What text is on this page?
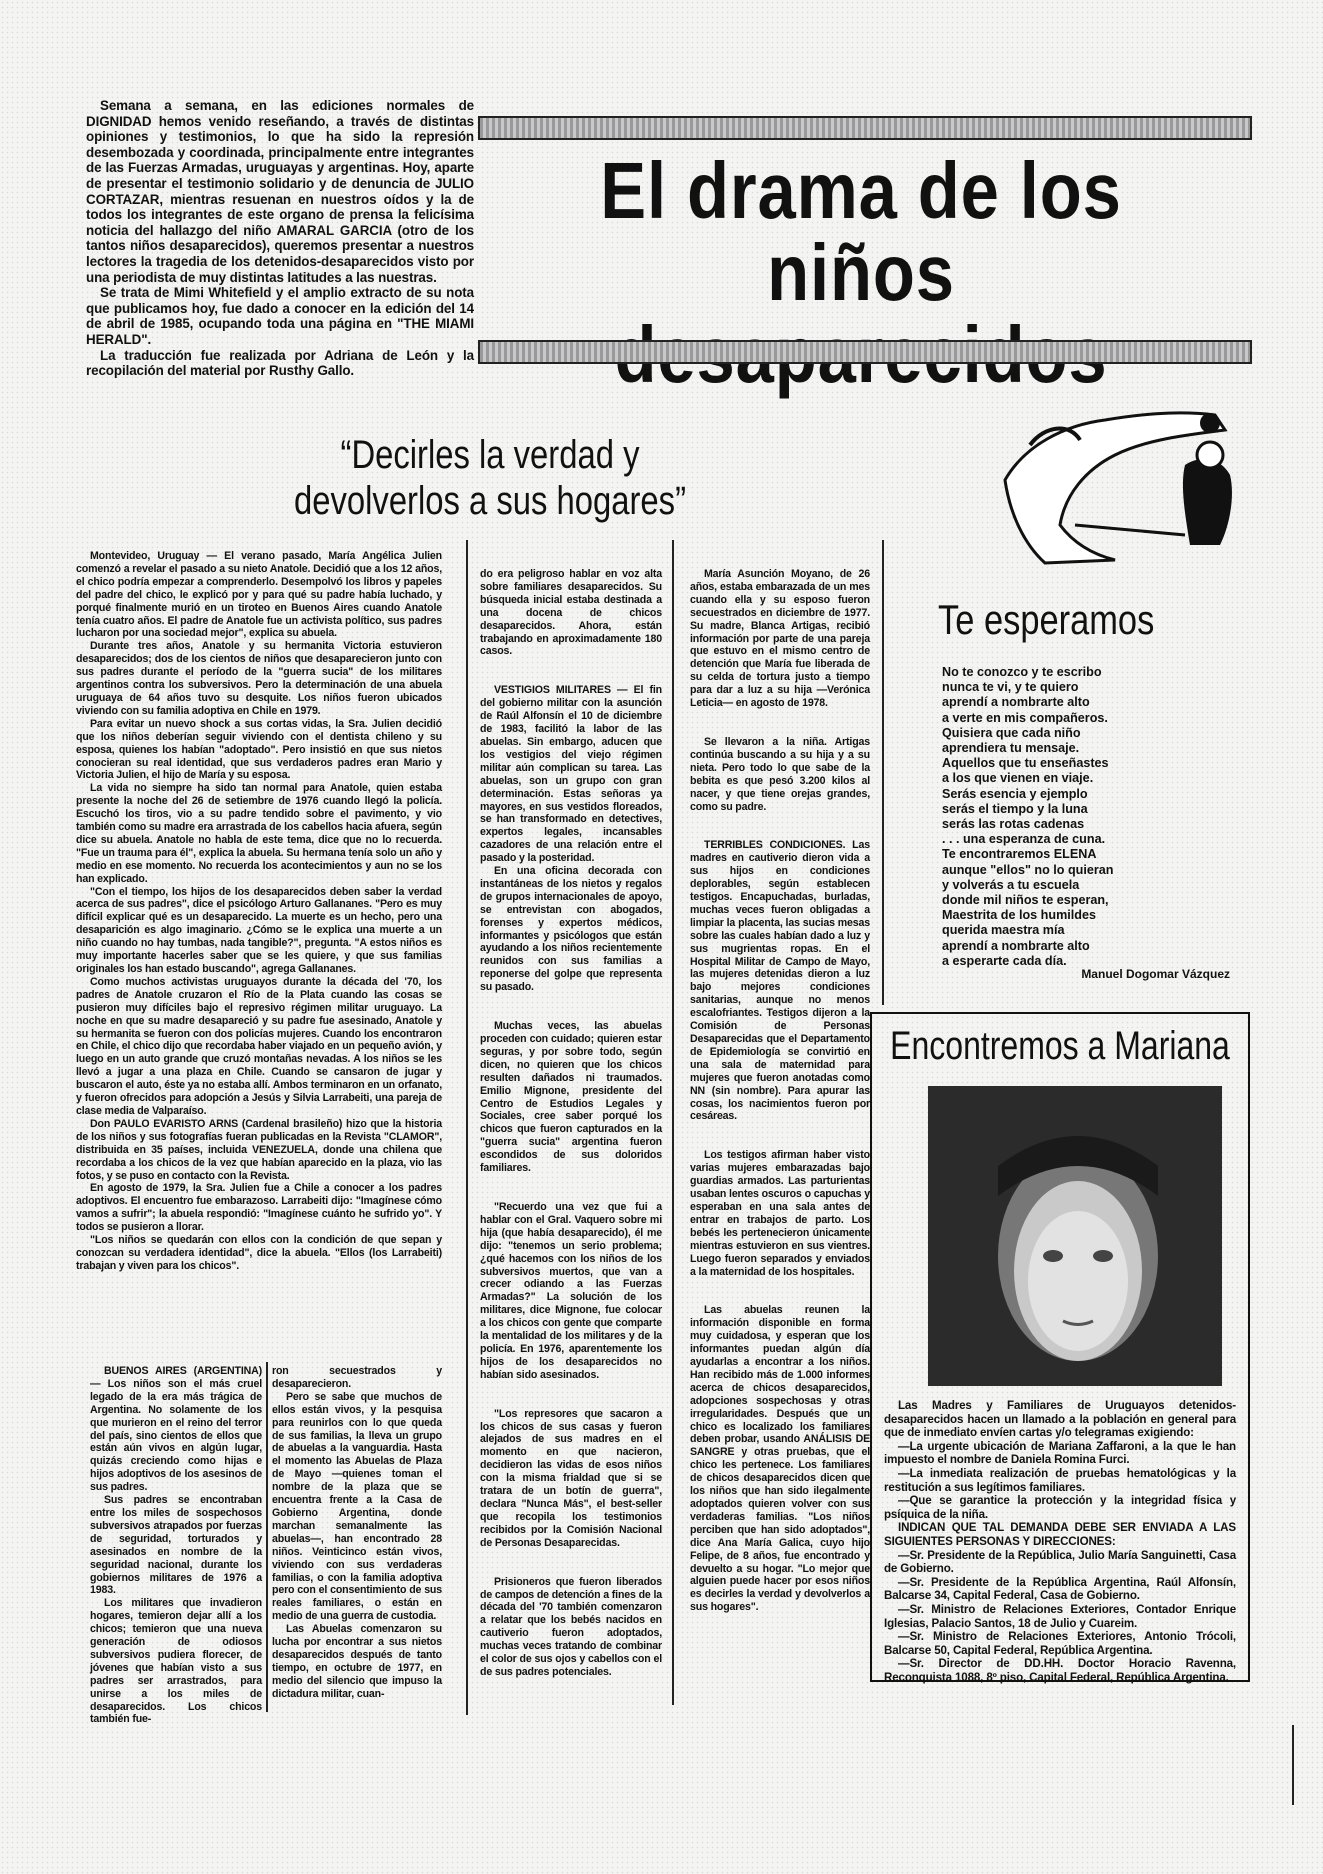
Semana a semana, en las ediciones normales de DIGNIDAD hemos venido reseñando, a través de distintas opiniones y testimonios, lo que ha sido la represión desembozada y coordinada, principalmente entre integrantes de las Fuerzas Armadas, uruguayas y argentinas. Hoy, aparte de presentar el testimonio solidario y de denuncia de JULIO CORTAZAR, mientras resuenan en nuestros oídos y la de todos los integrantes de este organo de prensa la felicísima noticia del hallazgo del niño AMARAL GARCIA (otro de los tantos niños desaparecidos), queremos presentar a nuestros lectores la tragedia de los detenidos-desaparecidos visto por una periodista de muy distintas latitudes a las nuestras.

Se trata de Mimi Whitefield y el amplio extracto de su nota que publicamos hoy, fue dado a conocer en la edición del 14 de abril de 1985, ocupando toda una página en "THE MIAMI HERALD".

La traducción fue realizada por Adriana de León y la recopilación del material por Rusthy Gallo.

El drama de los niños
“Decirles la verdad y
devolverlos a sus hogares”

Montevideo, Uruguay — El verano pasado, María Angélica Julien comenzó a revelar el pasado a su nieto Anatole. Decidió que a los 12 años, el chico podría empezar a comprenderlo. Desempolvó los libros y papeles del padre del chico, le explicó por y para qué su padre había luchado, y porqué finalmente murió en un tiroteo en Buenos Aires cuando Anatole tenía cuatro años. El padre de Anatole fue un activista político, sus padres lucharon por una sociedad mejor", explica su abuela.

Durante tres años, Anatole y su hermanita Victoria estuvieron desaparecidos; dos de los cientos de niños que desaparecieron junto con sus padres durante el período de la "guerra sucia" de los militares argentinos contra los subversivos. Pero la determinación de una abuela uruguaya de 64 años tuvo su desquite. Los niños fueron ubicados viviendo con su familia adoptiva en Chile en 1979.

Para evitar un nuevo shock a sus cortas vidas, la Sra. Julien decidió que los niños deberían seguir viviendo con el dentista chileno y su esposa, quienes los habían "adoptado". Pero insistió en que sus nietos conocieran su real identidad, que sus verdaderos padres eran Mario y Victoria Julien, el hijo de María y su esposa.

La vida no siempre ha sido tan normal para Anatole, quien estaba presente la noche del 26 de setiembre de 1976 cuando llegó la policía. Escuchó los tiros, vio a su padre tendido sobre el pavimento, y vio también como su madre era arrastrada de los cabellos hacia afuera, según dice su abuela. Anatole no habla de este tema, dice que no lo recuerda. "Fue un trauma para él", explica la abuela. Su hermana tenía solo un año y medio en ese momento. No recuerda los acontecimientos y aun no se los han explicado.

"Con el tiempo, los hijos de los desaparecidos deben saber la verdad acerca de sus padres", dice el psicólogo Arturo Gallananes. "Pero es muy difícil explicar qué es un desaparecido. La muerte es un hecho, pero una desaparición es algo imaginario. ¿Cómo se le explica una muerte a un niño cuando no hay tumbas, nada tangible?", pregunta. "A estos niños es muy importante hacerles saber que se les quiere, y que sus familias originales los han estado buscando", agrega Gallananes.

Como muchos activistas uruguayos durante la década del '70, los padres de Anatole cruzaron el Río de la Plata cuando las cosas se pusieron muy difíciles bajo el represivo régimen militar uruguayo. La noche en que su madre desapareció y su padre fue asesinado, Anatole y su hermanita se fueron con dos policías mujeres. Cuando los encontraron en Chile, el chico dijo que recordaba haber viajado en un pequeño avión, y luego en un auto grande que cruzó montañas nevadas. A los niños se les llevó a jugar a una plaza en Chile. Cuando se cansaron de jugar y buscaron el auto, éste ya no estaba allí. Ambos terminaron en un orfanato, y fueron ofrecidos para adopción a Jesús y Silvia Larrabeiti, una pareja de clase media de Valparaíso.

Don PAULO EVARISTO ARNS (Cardenal brasileño) hizo que la historia de los niños y sus fotografías fueran publicadas en la Revista "CLAMOR", distribuida en 35 países, incluida VENEZUELA, donde una chilena que recordaba a los chicos de la vez que habían aparecido en la plaza, vio las fotos, y se puso en contacto con la Revista.

En agosto de 1979, la Sra. Julien fue a Chile a conocer a los padres adoptivos. El encuentro fue embarazoso. Larrabeiti dijo: "Imagínese cómo vamos a sufrir"; la abuela respondió: "Imagínese cuánto he sufrido yo". Y todos se pusieron a llorar.

"Los niños se quedarán con ellos con la condición de que sepan y conozcan su verdadera identidad", dice la abuela. "Ellos (los Larrabeiti) trabajan y viven para los chicos".

BUENOS AIRES (ARGENTINA) — Los niños son el más cruel legado de la era más trágica de Argentina. No solamente de los que murieron en el reino del terror del país, sino cientos de ellos que están aún vivos en algún lugar, quizás creciendo como hijas e hijos adoptivos de los asesinos de sus padres.

Sus padres se encontraban entre los miles de sospechosos subversivos atrapados por fuerzas de seguridad, torturados y asesinados en nombre de la seguridad nacional, durante los gobiernos militares de 1976 a 1983.

Los militares que invadieron hogares, temieron dejar allí a los chicos; temieron que una nueva generación de odiosos subversivos pudiera florecer, de jóvenes que habían visto a sus padres ser arrastrados, para unirse a los miles de desaparecidos. Los chicos también fue-

ron secuestrados y desaparecieron.

Pero se sabe que muchos de ellos están vivos, y la pesquisa para reunirlos con lo que queda de sus familias, la lleva un grupo de abuelas a la vanguardia. Hasta el momento las Abuelas de Plaza de Mayo —quienes toman el nombre de la plaza que se encuentra frente a la Casa de Gobierno Argentina, donde marchan semanalmente las abuelas—, han encontrado 28 niños. Veinticinco están vivos, viviendo con sus verdaderas familias, o con la familia adoptiva pero con el consentimiento de sus reales familiares, o están en medio de una guerra de custodia.

Las Abuelas comenzaron su lucha por encontrar a sus nietos desaparecidos después de tanto tiempo, en octubre de 1977, en medio del silencio que impuso la dictadura militar, cuan-

do era peligroso hablar en voz alta sobre familiares desaparecidos. Su búsqueda inicial estaba destinada a una docena de chicos desaparecidos. Ahora, están trabajando en aproximadamente 180 casos.

VESTIGIOS MILITARES — El fin del gobierno militar con la asunción de Raúl Alfonsín el 10 de diciembre de 1983, facilitó la labor de las abuelas. Sin embargo, aducen que los vestigios del viejo régimen militar aún complican su tarea. Las abuelas, son un grupo con gran determinación. Estas señoras ya mayores, en sus vestidos floreados, se han transformado en detectives, expertos legales, incansables cazadores de una relación entre el pasado y la posteridad.

En una oficina decorada con instantáneas de los nietos y regalos de grupos internacionales de apoyo, se entrevistan con abogados, forenses y expertos médicos, informantes y psicólogos que están ayudando a los niños recientemente reunidos con sus familias a reponerse del golpe que representa su pasado.

Muchas veces, las abuelas proceden con cuidado; quieren estar seguras, y por sobre todo, según dicen, no quieren que los chicos resulten dañados ni traumados. Emilio Mignone, presidente del Centro de Estudios Legales y Sociales, cree saber porqué los chicos que fueron capturados en la "guerra sucia" argentina fueron escondidos de sus doloridos familiares.

"Recuerdo una vez que fui a hablar con el Gral. Vaquero sobre mi hija (que había desaparecido), él me dijo: "tenemos un serio problema; ¿qué hacemos con los niños de los subversivos muertos, que van a crecer odiando a las Fuerzas Armadas?" La solución de los militares, dice Mignone, fue colocar a los chicos con gente que comparte la mentalidad de los militares y de la policía. En 1976, aparentemente los hijos de los desaparecidos no habían sido asesinados.

"Los represores que sacaron a los chicos de sus casas y fueron alejados de sus madres en el momento en que nacieron, decidieron las vidas de esos niños con la misma frialdad que si se tratara de un botín de guerra", declara "Nunca Más", el best-seller que recopila los testimonios recibidos por la Comisión Nacional de Personas Desaparecidas.

Prisioneros que fueron liberados de campos de detención a fines de la década del '70 también comenzaron a relatar que los bebés nacidos en cautiverio fueron adoptados, muchas veces tratando de combinar el color de sus ojos y cabellos con el de sus padres potenciales.

María Asunción Moyano, de 26 años, estaba embarazada de un mes cuando ella y su esposo fueron secuestrados en diciembre de 1977. Su madre, Blanca Artigas, recibió información por parte de una pareja que estuvo en el mismo centro de detención que María fue liberada de su celda de tortura justo a tiempo para dar a luz a su hija —Verónica Leticia— en agosto de 1978.

Se llevaron a la niña. Artigas continúa buscando a su hija y a su nieta. Pero todo lo que sabe de la bebita es que pesó 3.200 kilos al nacer, y que tiene orejas grandes, como su padre.

TERRIBLES CONDICIONES. Las madres en cautiverio dieron vida a sus hijos en condiciones deplorables, según establecen testigos. Encapuchadas, burladas, muchas veces fueron obligadas a limpiar la placenta, las sucias mesas sobre las cuales habían dado a luz y sus mugrientas ropas. En el Hospital Militar de Campo de Mayo, las mujeres detenidas dieron a luz bajo mejores condiciones sanitarias, aunque no menos escalofriantes. Testigos dijeron a la Comisión de Personas Desaparecidas que el Departamento de Epidemiología se convirtió en una sala de maternidad para mujeres que fueron anotadas como NN (sin nombre). Para apurar las cosas, los nacimientos fueron por cesáreas.

Los testigos afirman haber visto varias mujeres embarazadas bajo guardias armados. Las parturientas usaban lentes oscuros o capuchas y esperaban en una sala antes de entrar en trabajos de parto. Los bebés les pertenecieron únicamente mientras estuvieron en sus vientres. Luego fueron separados y enviados a la maternidad de los hospitales.

Las abuelas reunen la información disponible en forma muy cuidadosa, y esperan que los informantes puedan algún día ayudarlas a encontrar a los niños. Han recibido más de 1.000 informes acerca de chicos desaparecidos, adopciones sospechosas y otras irregularidades. Después que un chico es localizado los familiares deben probar, usando ANÁLISIS DE SANGRE y otras pruebas, que el chico les pertenece. Los familiares de chicos desaparecidos dicen que los niños que han sido ilegalmente adoptados quieren volver con sus verdaderas familias. "Los niños perciben que han sido adoptados", dice Ana María Galica, cuyo hijo Felipe, de 8 años, fue encontrado y devuelto a su hogar. "Lo mejor que alguien puede hacer por esos niños es decirles la verdad y devolverlos a sus hogares".

Te esperamos
No te conozco y te escribo
nunca te vi, y te quiero
aprendí a nombrarte alto
a verte en mis compañeros.
Quisiera que cada niño
aprendiera tu mensaje.
Aquellos que tu enseñastes
a los que vienen en viaje.
Serás esencia y ejemplo
serás el tiempo y la luna
serás las rotas cadenas
. . . una esperanza de cuna.
Te encontraremos ELENA
aunque "ellos" no lo quieran
y volverás a tu escuela
donde mil niños te esperan,
Maestrita de los humildes
querida maestra mía
aprendí a nombrarte alto
a esperarte cada día.
Manuel Dogomar Vázquez
Encontremos a Mariana

Las Madres y Familiares de Uruguayos detenidos-desaparecidos hacen un llamado a la población en general para que de inmediato envíen cartas y/o telegramas exigiendo:

—La urgente ubicación de Mariana Zaffaroni, a la que le han impuesto el nombre de Daniela Romina Furci.

—La inmediata realización de pruebas hematológicas y la restitución a sus legítimos familiares.

—Que se garantice la protección y la integridad física y psíquica de la niña.

INDICAN QUE TAL DEMANDA DEBE SER ENVIADA A LAS SIGUIENTES PERSONAS Y DIRECCIONES:

—Sr. Presidente de la República, Julio María Sanguinetti, Casa de Gobierno.

—Sr. Presidente de la República Argentina, Raúl Alfonsín, Balcarse 34, Capital Federal, Casa de Gobierno.

—Sr. Ministro de Relaciones Exteriores, Contador Enrique Iglesias, Palacio Santos, 18 de Julio y Cuareim.

—Sr. Ministro de Relaciones Exteriores, Antonio Trócoli, Balcarse 50, Capital Federal, República Argentina.

—Sr. Director de DD.HH. Doctor Horacio Ravenna, Reconquista 1088, 8º piso, Capital Federal, República Argentina.
